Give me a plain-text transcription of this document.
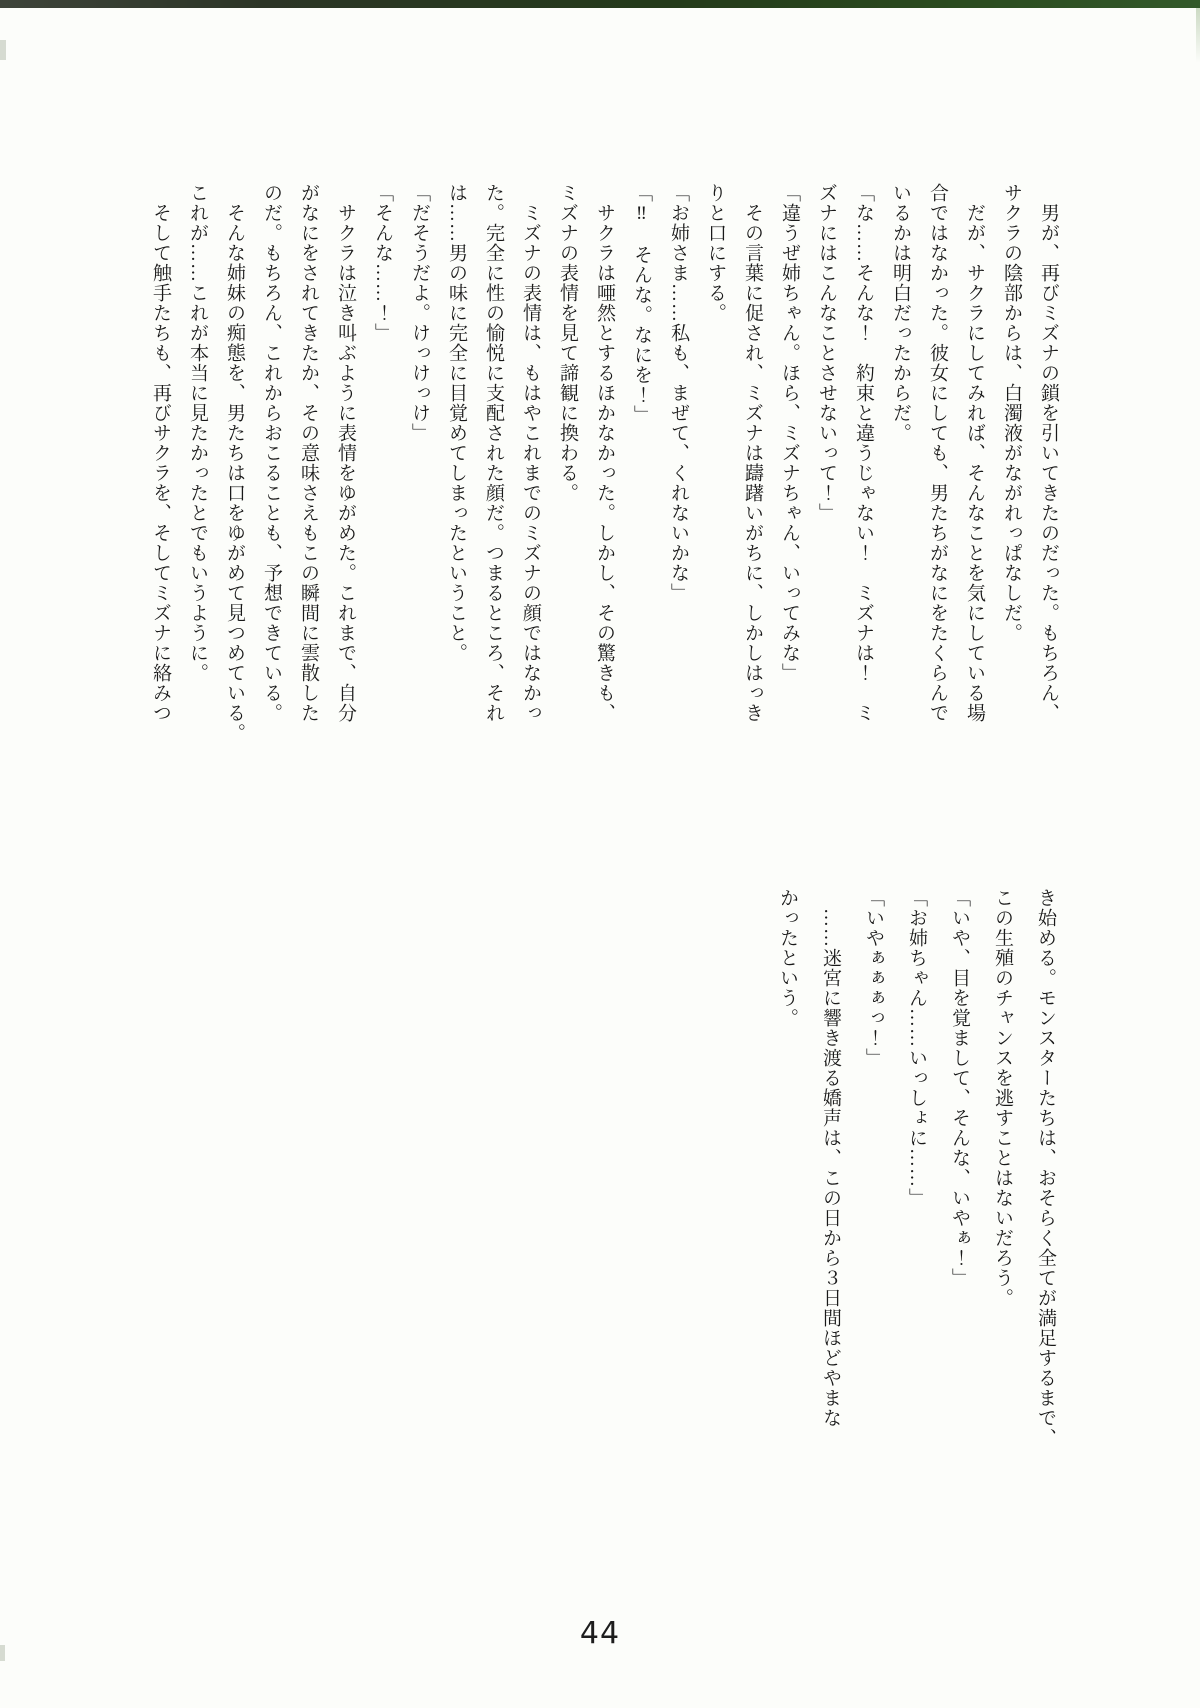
男が、再びミズナの鎖を引いてきたのだった。もちろん、
サクラの陰部からは、白濁液がながれっぱなしだ。
だが、サクラにしてみれば、そんなことを気にしている場
合ではなかった。彼女にしても、男たちがなにをたくらんで
いるかは明白だったからだ。
「な……そんな！　約束と違うじゃない！　ミズナは！　ミ
ズナにはこんなことさせないって！」
「違うぜ姉ちゃん。ほら、ミズナちゃん、いってみな」
その言葉に促され、ミズナは躊躇いがちに、しかしはっき
りと口にする。
「お姉さま……私も、まぜて、くれないかな」
「‼　そんな。なにを！」
サクラは唖然とするほかなかった。しかし、その驚きも、
ミズナの表情を見て諦観に換わる。
ミズナの表情は、もはやこれまでのミズナの顔ではなかっ
た。完全に性の愉悦に支配された顔だ。つまるところ、それ
は……男の味に完全に目覚めてしまったということ。
「だそうだよ。けっけっけ」
「そんな……！」
サクラは泣き叫ぶように表情をゆがめた。これまで、自分
がなにをされてきたか、その意味さえもこの瞬間に雲散した
のだ。もちろん、これからおこることも、予想できている。
そんな姉妹の痴態を、男たちは口をゆがめて見つめている。
これが……これが本当に見たかったとでもいうように。
そして触手たちも、再びサクラを、そしてミズナに絡みつ
き始める。モンスターたちは、おそらく全てが満足するまで、
この生殖のチャンスを逃すことはないだろう。
「いや、目を覚まして、そんな、いやぁ！」
「お姉ちゃん……いっしょに……」
「いやぁぁぁっ！」
……迷宮に響き渡る嬌声は、この日から３日間ほどやまな
かったという。
44
